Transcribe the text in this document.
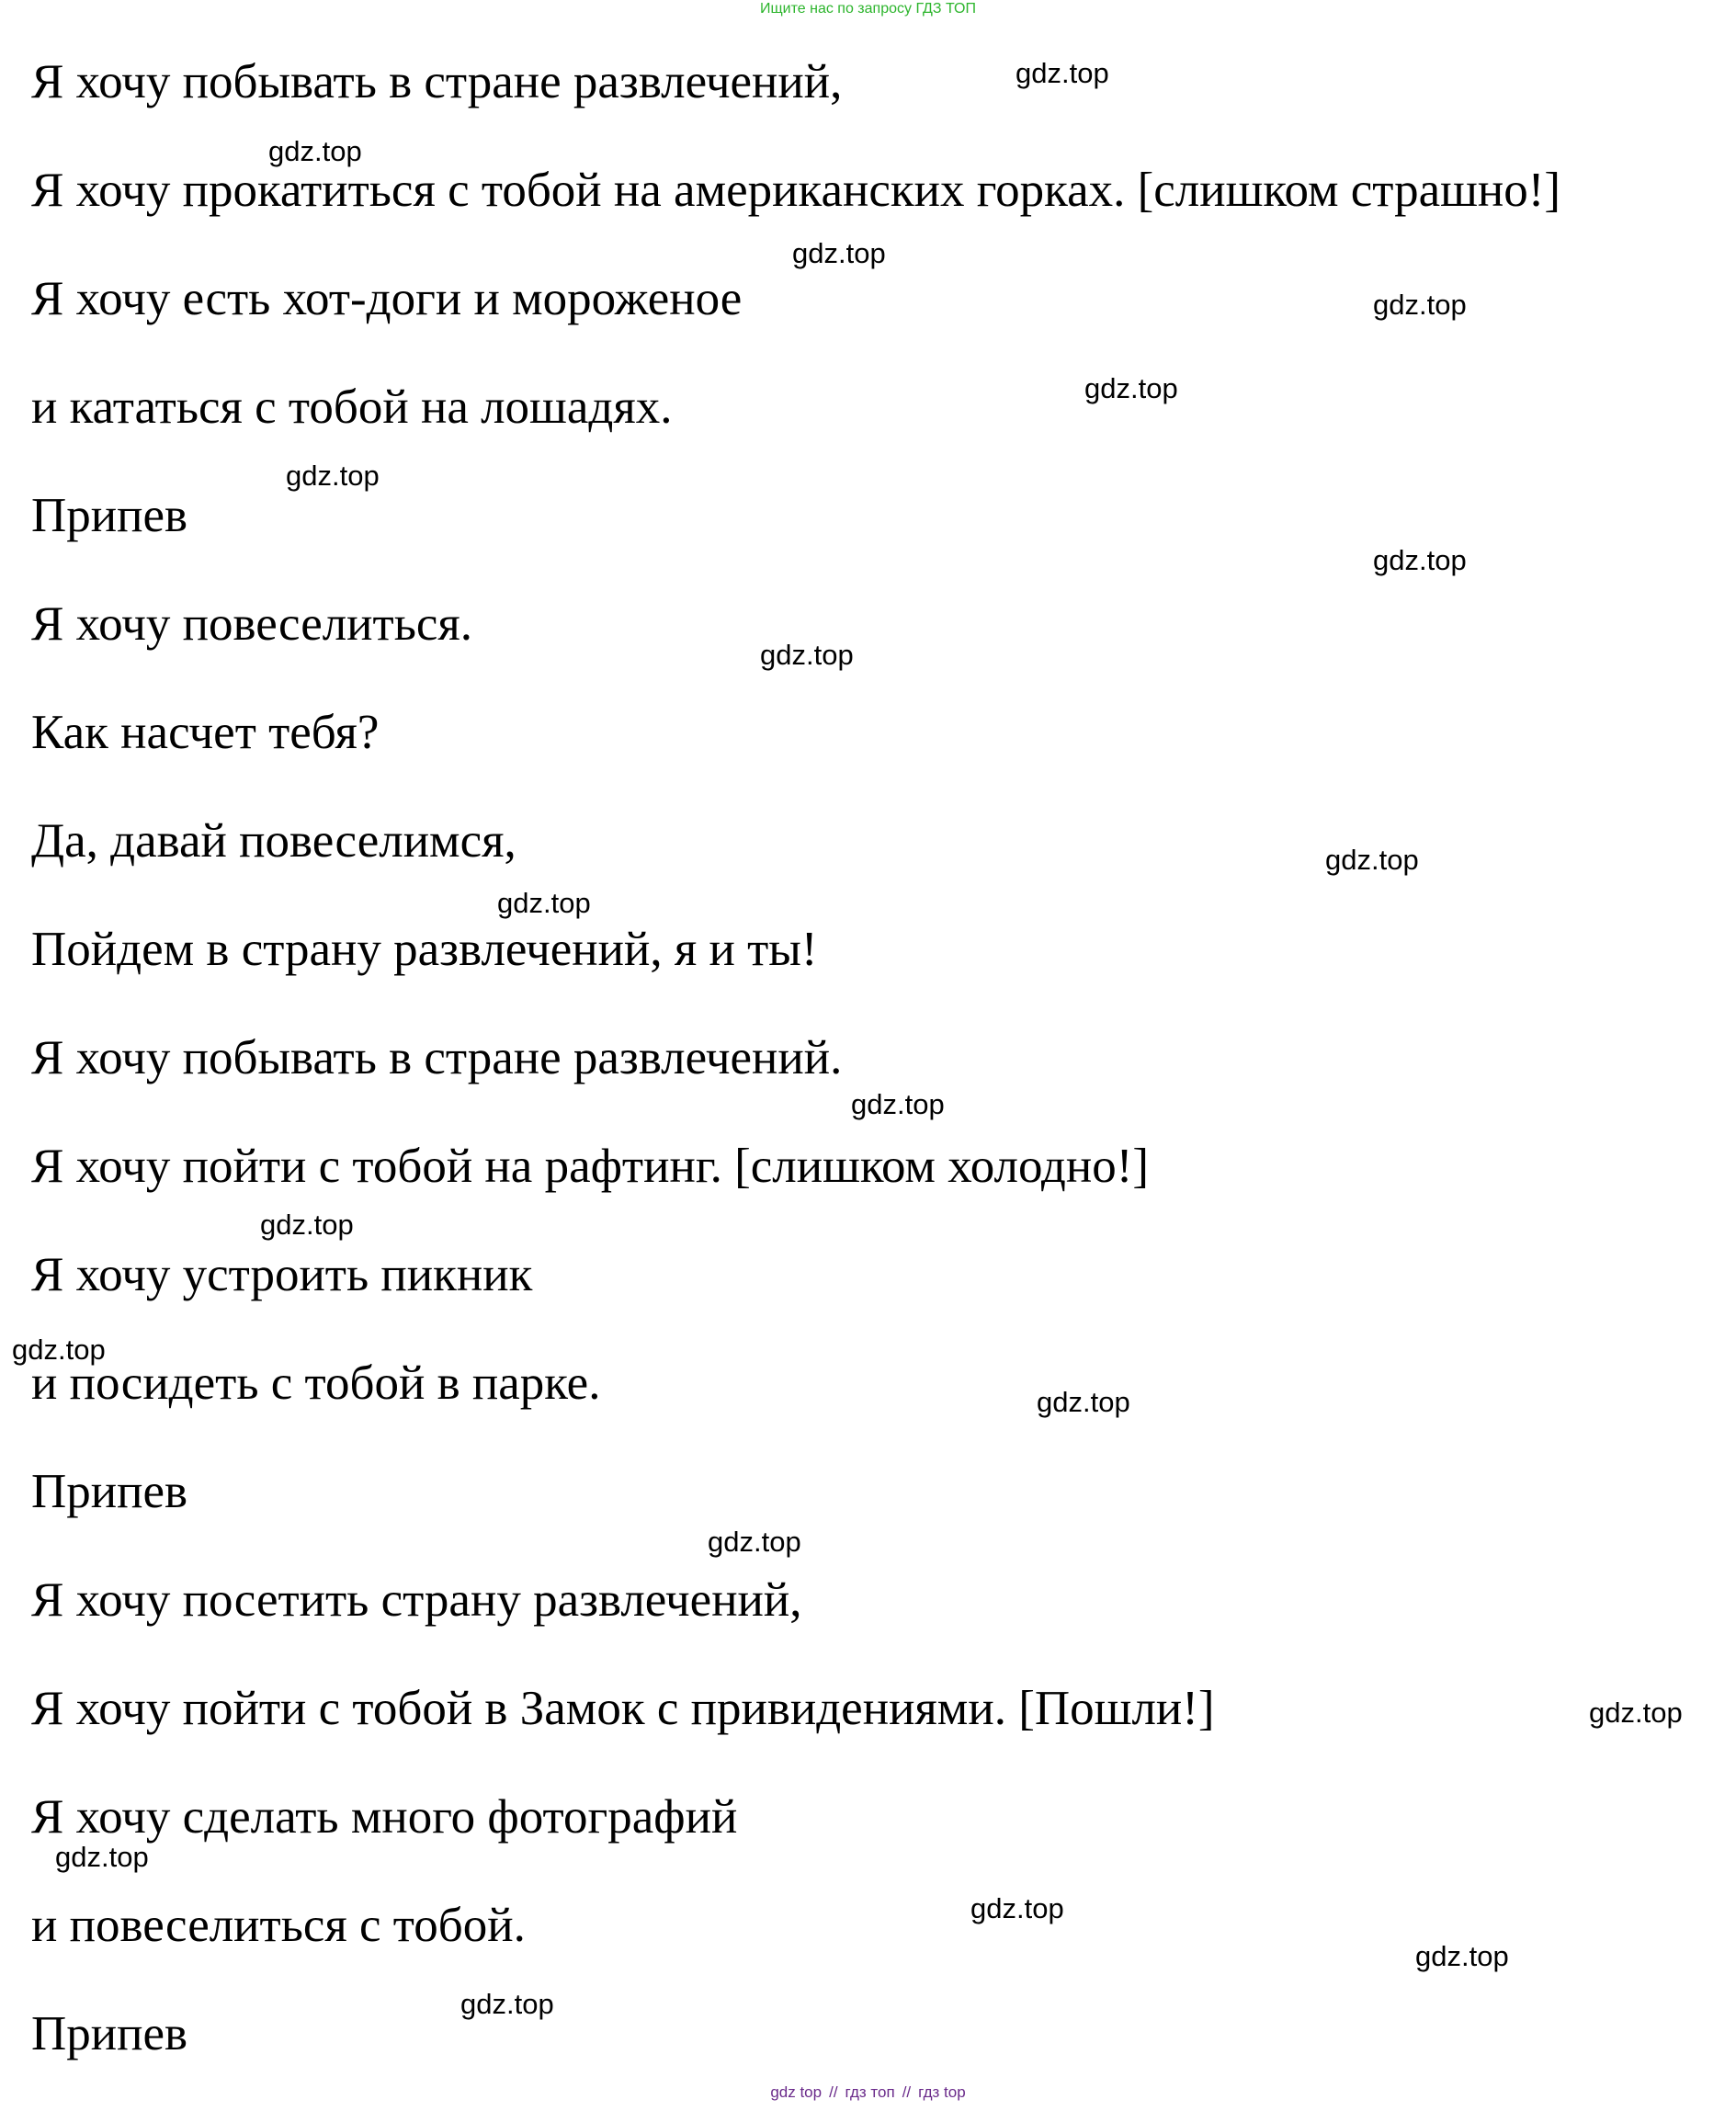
Ищите нас по запросу ГДЗ ТОП
Я хочу побывать в стране развлечений,
Я хочу прокатиться с тобой на американских горках. [слишком страшно!]
Я хочу есть хот-доги и мороженое
и кататься с тобой на лошадях.
Припев
Я хочу повеселиться.
Как насчет тебя?
Да, давай повеселимся,
Пойдем в страну развлечений, я и ты!
Я хочу побывать в стране развлечений.
Я хочу пойти с тобой на рафтинг. [слишком холодно!]
Я хочу устроить пикник
и посидеть с тобой в парке.
Припев
Я хочу посетить страну развлечений,
Я хочу пойти с тобой в Замок с привидениями. [Пошли!]
Я хочу сделать много фотографий
и повеселиться с тобой.
Припев
gdz.top
gdz.top
gdz.top
gdz.top
gdz.top
gdz.top
gdz.top
gdz.top
gdz.top
gdz.top
gdz.top
gdz.top
gdz.top
gdz.top
gdz.top
gdz.top
gdz.top
gdz.top
gdz.top
gdz.top
gdz top // гдз топ // гдз top
